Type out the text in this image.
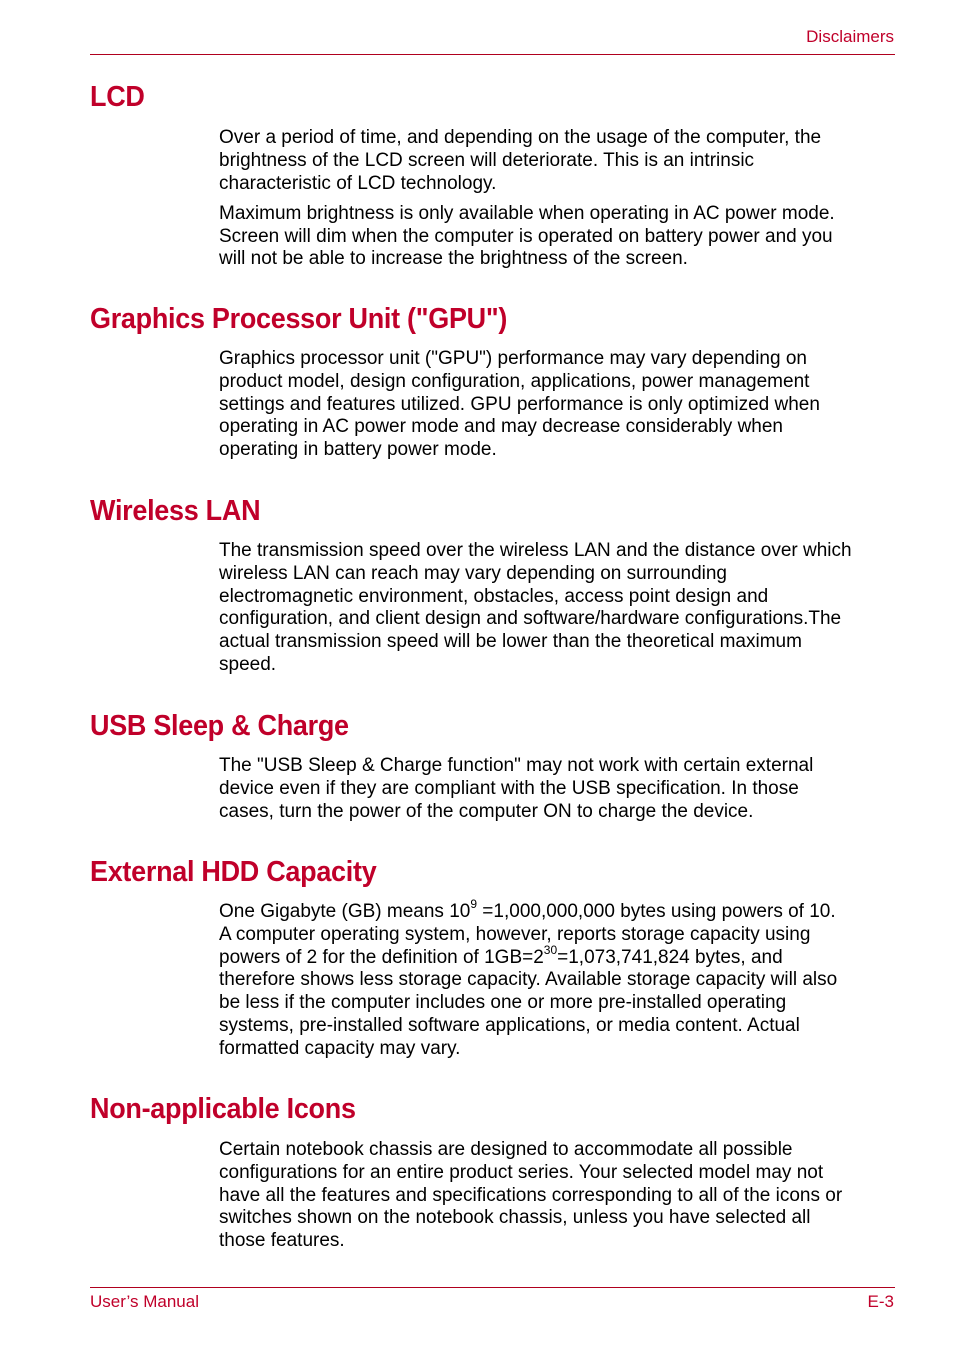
Disclaimers
LCD

Over a period of time, and depending on the usage of the computer, the
brightness of the LCD screen will deteriorate. This is an intrinsic
characteristic of LCD technology.

Maximum brightness is only available when operating in AC power mode.
Screen will dim when the computer is operated on battery power and you
will not be able to increase the brightness of the screen.

Graphics Processor Unit ("GPU")

Graphics processor unit ("GPU") performance may vary depending on
product model, design configuration, applications, power management
settings and features utilized. GPU performance is only optimized when
operating in AC power mode and may decrease considerably when
operating in battery power mode.

Wireless LAN

The transmission speed over the wireless LAN and the distance over which
wireless LAN can reach may vary depending on surrounding
electromagnetic environment, obstacles, access point design and
configuration, and client design and software/hardware configurations.The
actual transmission speed will be lower than the theoretical maximum
speed.

USB Sleep & Charge

The "USB Sleep & Charge function" may not work with certain external
device even if they are compliant with the USB specification. In those
cases, turn the power of the computer ON to charge the device.

External HDD Capacity

One Gigabyte (GB) means $10^9 =1,000,000,000$ bytes using powers of 10.
A computer operating system, however, reports storage capacity using
powers of 2 for the definition of $1GB=2^{30}=1,073,741,824$ bytes, and
therefore shows less storage capacity. Available storage capacity will also
be less if the computer includes one or more pre-installed operating
systems, pre-installed software applications, or media content. Actual
formatted capacity may vary.

Non-applicable Icons

Certain notebook chassis are designed to accommodate all possible
configurations for an entire product series. Your selected model may not
have all the features and specifications corresponding to all of the icons or
switches shown on the notebook chassis, unless you have selected all
those features.

User’s Manual	E-3
